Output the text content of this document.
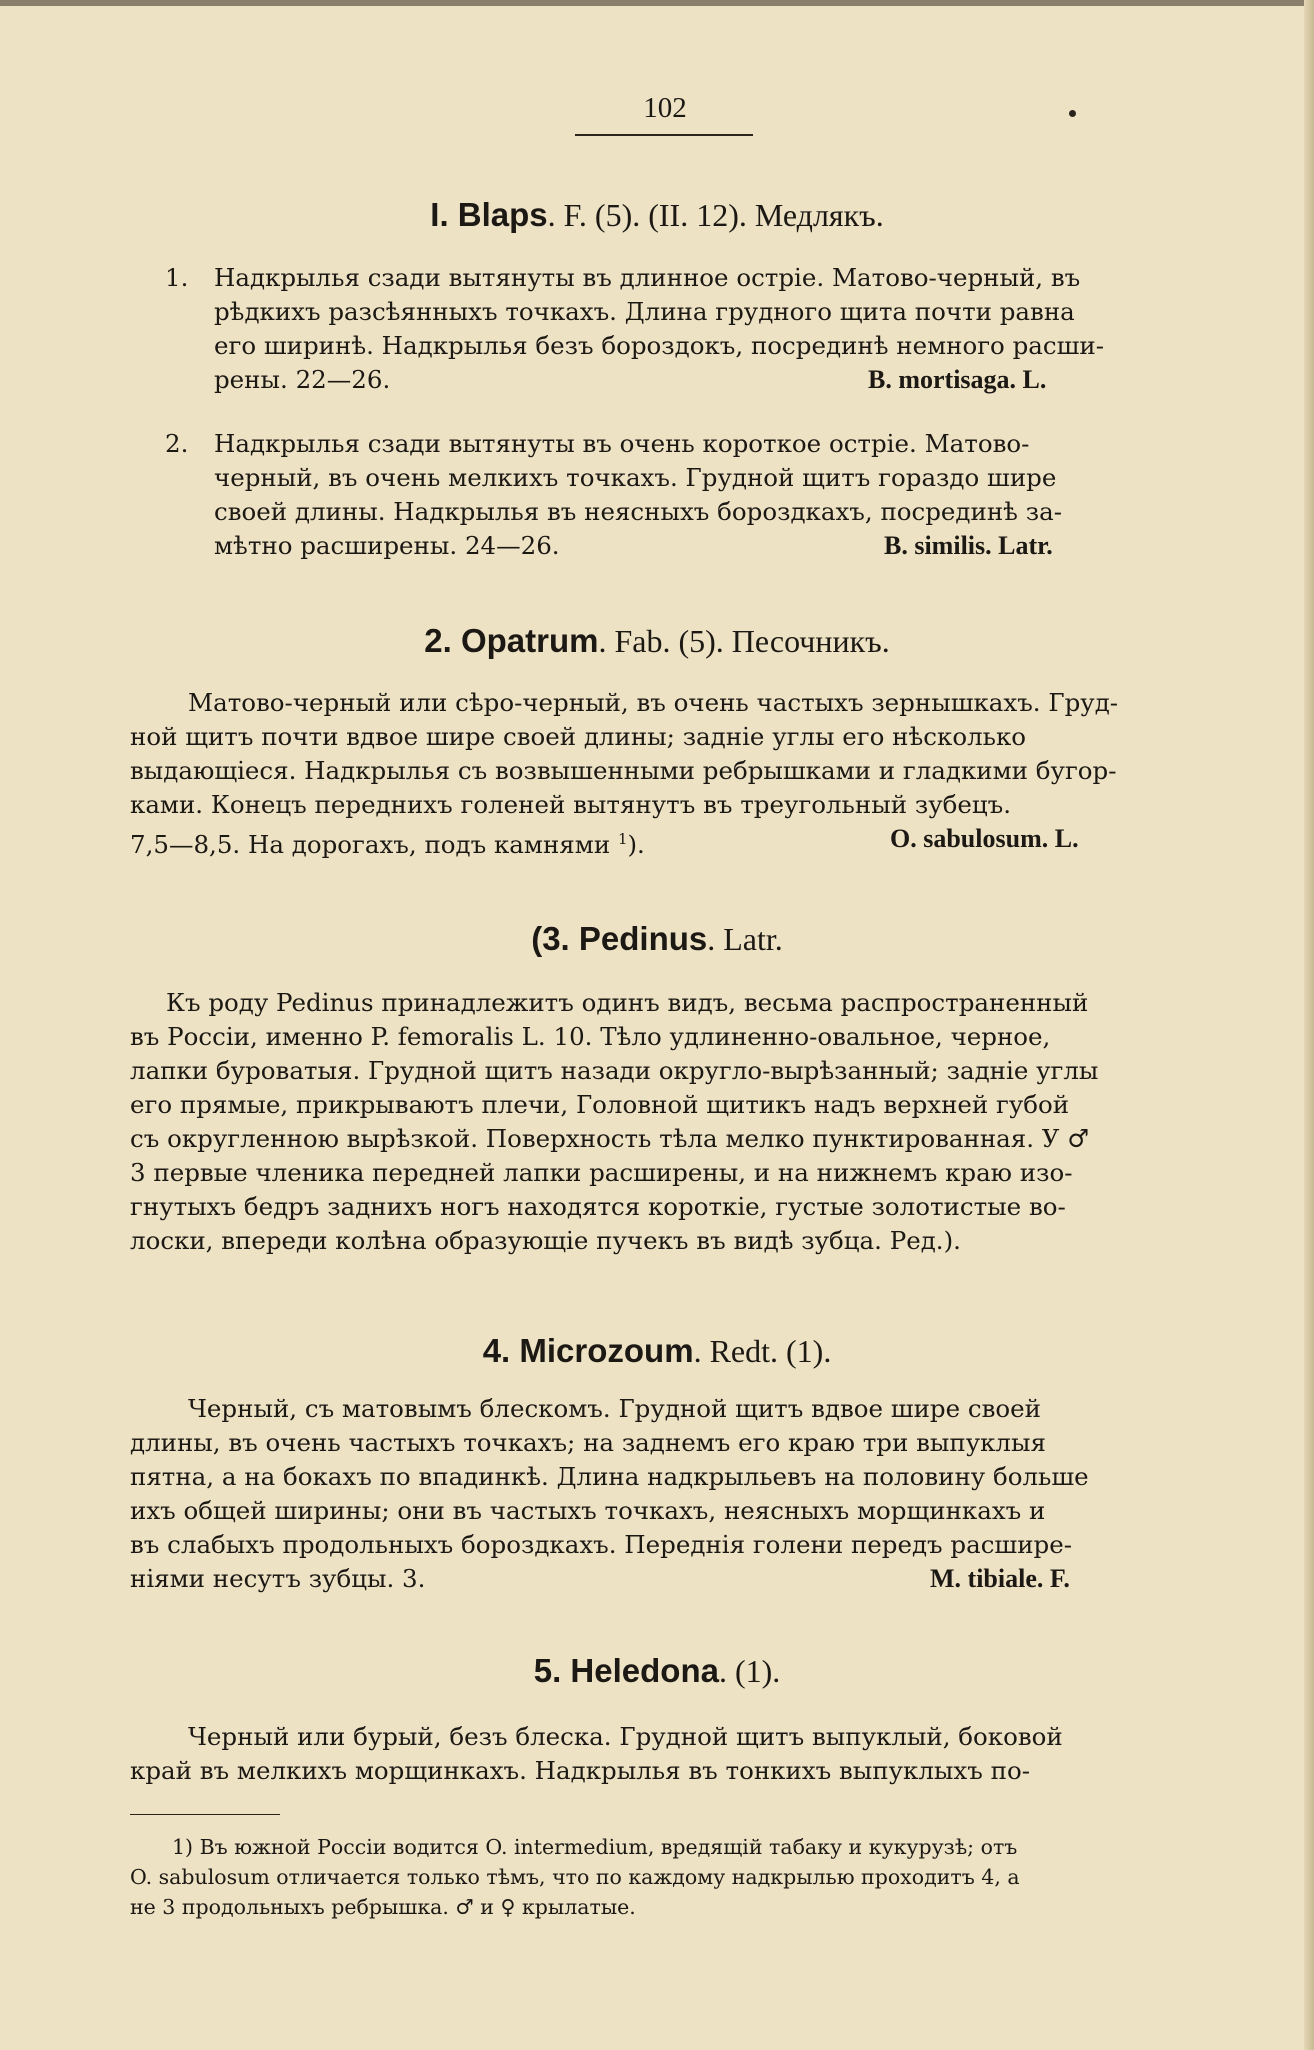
102
I. Blaps. F. (5). (II. 12). Медлякъ.
1. Надкрылья сзади вытянуты въ длинное остріе. Матово-черный, въ
рѣдкихъ разсѣянныхъ точкахъ. Длина грудного щита почти равна
его ширинѣ. Надкрылья безъ бороздокъ, посрединѣ немного расши-
рены. 22—26.	B. mortisaga. L.
2. Надкрылья сзади вытянуты въ очень короткое остріе. Матово-
черный, въ очень мелкихъ точкахъ. Грудной щитъ гораздо шире
своей длины. Надкрылья въ неясныхъ бороздкахъ, посрединѣ за-
мѣтно расширены. 24—26.	B. similis. Latr.
2. Opatrum. Fab. (5). Песочникъ.
Матово-черный или сѣро-черный, въ очень частыхъ зернышкахъ. Груд-
ной щитъ почти вдвое шире своей длины; задніе углы его нѣсколько
выдающіеся. Надкрылья съ возвышенными ребрышками и гладкими бугор-
ками. Конецъ переднихъ голеней вытянутъ въ треугольный зубецъ.
7,5—8,5. На дорогахъ, подъ камнями $^1$).	O. sabulosum. L.
(3. Pedinus. Latr.
Къ роду Pedinus принадлежитъ одинъ видъ, весьма распространенный
въ Россіи, именно P. femoralis L. 10. Тѣло удлиненно-овальное, черное,
лапки буроватыя. Грудной щитъ назади округло-вырѣзанный; задніе углы
его прямые, прикрываютъ плечи, Головной щитикъ надъ верхней губой
съ округленною вырѣзкой. Поверхность тѣла мелко пунктированная. У ♂
3 первые членика передней лапки расширены, и на нижнемъ краю изо-
гнутыхъ бедръ заднихъ ногъ находятся короткіе, густые золотистые во-
лоски, впереди колѣна образующіе пучекъ въ видѣ зубца. Ред.).
4. Microzoum. Redt. (1).
Черный, съ матовымъ блескомъ. Грудной щитъ вдвое шире своей
длины, въ очень частыхъ точкахъ; на заднемъ его краю три выпуклыя
пятна, а на бокахъ по впадинкѣ. Длина надкрыльевъ на половину больше
ихъ общей ширины; они въ частыхъ точкахъ, неясныхъ морщинкахъ и
въ слабыхъ продольныхъ бороздкахъ. Переднія голени передъ расшире-
ніями несутъ зубцы. 3.	M. tibiale. F.
5. Heledona. (1).
Черный или бурый, безъ блеска. Грудной щитъ выпуклый, боковой
край въ мелкихъ морщинкахъ. Надкрылья въ тонкихъ выпуклыхъ по-
1) Въ южной Россіи водится O. intermedium, вредящій табаку и кукурузѣ; отъ
O. sabulosum отличается только тѣмъ, что по каждому надкрылью проходитъ 4, а
не 3 продольныхъ ребрышка. ♂ и ♀ крылатые.
